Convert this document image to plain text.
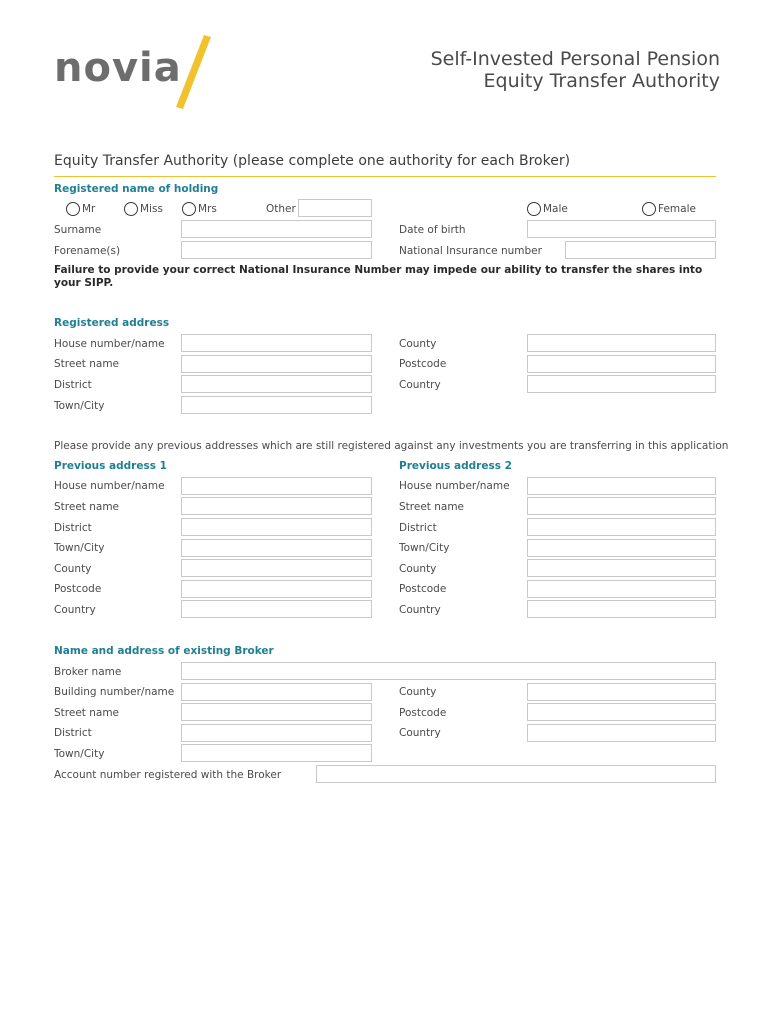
novia	Self-Invested Personal Pension
Equity Transfer Authority
Equity Transfer Authority (please complete one authority for each Broker)
Registered name of holding
Mr	Miss	Mrs	Other	Male	Female
Surname	Date of birth
Forename(s)	National Insurance number
Failure to provide your correct National Insurance Number may impede our ability to transfer the shares into your SIPP.
Registered address
House number/name	County
Street name	Postcode
District	Country
Town/City
Please provide any previous addresses which are still registered against any investments you are transferring in this application
Previous address 1	Previous address 2
House number/name	House number/name
Street name	Street name
District	District
Town/City	Town/City
County	County
Postcode	Postcode
Country	Country
Name and address of existing Broker
Broker name
Building number/name	County
Street name	Postcode
District	Country
Town/City
Account number registered with the Broker
